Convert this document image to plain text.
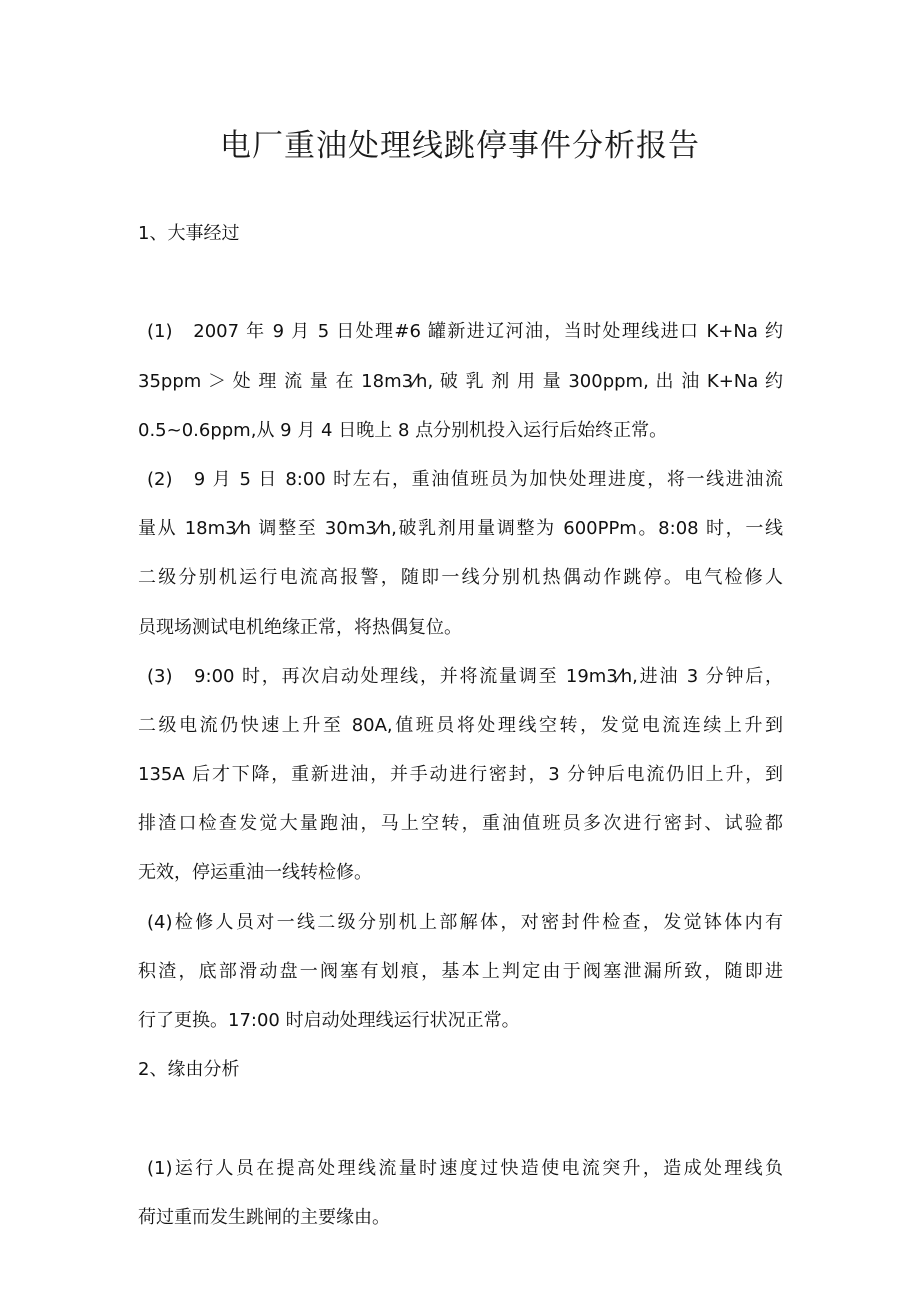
电厂重油处理线跳停事件分析报告

1、大事经过

(1)　2007 年 9 月 5 日处理#6 罐新进辽河油，当时处理线进口 K+Na 约

35ppm ＞ 处 理 流 量 在 18m3⁄h, 破 乳 剂 用 量 300ppm, 出 油 K+Na 约

0.5~0.6ppm,从 9 月 4 日晚上 8 点分别机投入运行后始终正常。

(2)　9 月 5 日 8:00 时左右，重油值班员为加快处理进度，将一线进油流

量从 18m3⁄h 调整至 30m3⁄h,破乳剂用量调整为 600PPm。8:08 时，一线

二级分别机运行电流高报警，随即一线分别机热偶动作跳停。电气检修人

员现场测试电机绝缘正常，将热偶复位。

(3)　9:00 时，再次启动处理线，并将流量调至 19m3⁄h,进油 3 分钟后，

二级电流仍快速上升至 80A,值班员将处理线空转，发觉电流连续上升到

135A 后才下降，重新进油，并手动进行密封，3 分钟后电流仍旧上升，到

排渣口检查发觉大量跑油，马上空转，重油值班员多次进行密封、试验都

无效，停运重油一线转检修。

(4)检修人员对一线二级分别机上部解体，对密封件检查，发觉钵体内有

积渣，底部滑动盘一阀塞有划痕，基本上判定由于阀塞泄漏所致，随即进

行了更换。17:00 时启动处理线运行状况正常。

2、缘由分析

(1)运行人员在提高处理线流量时速度过快造使电流突升，造成处理线负

荷过重而发生跳闸的主要缘由。
